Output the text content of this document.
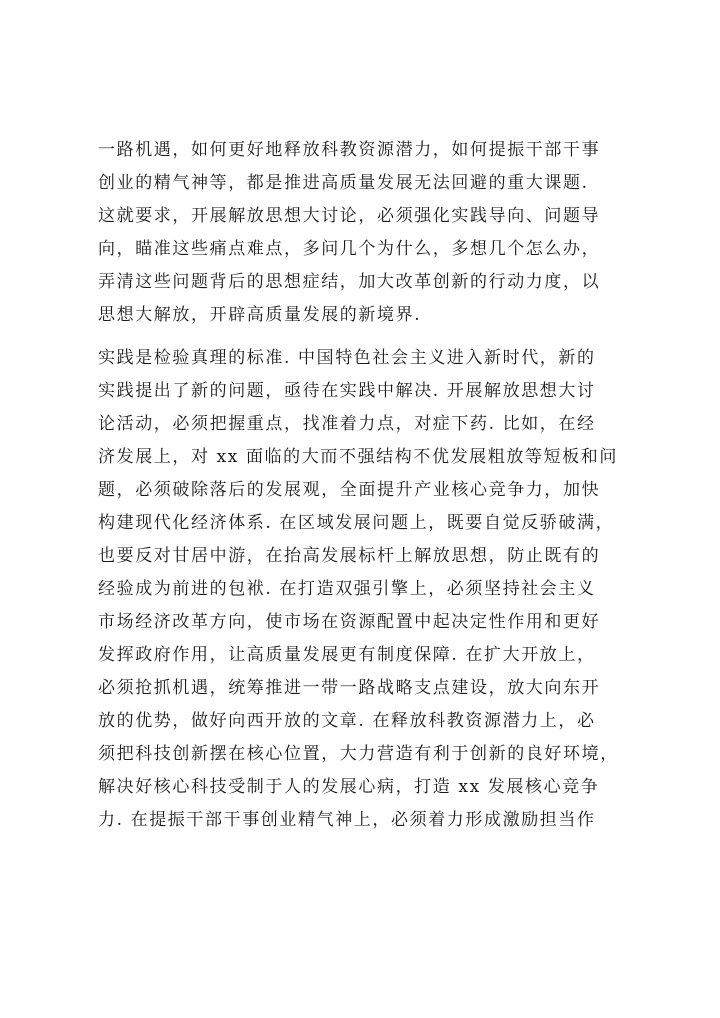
一路机遇，如何更好地释放科教资源潜力，如何提振干部干事
创业的精气神等，都是推进高质量发展无法回避的重大课题.
这就要求，开展解放思想大讨论，必须强化实践导向、问题导
向，瞄准这些痛点难点，多问几个为什么，多想几个怎么办，
弄清这些问题背后的思想症结，加大改革创新的行动力度，以
思想大解放，开辟高质量发展的新境界.
实践是检验真理的标准. 中国特色社会主义进入新时代，新的
实践提出了新的问题，亟待在实践中解决. 开展解放思想大讨
论活动，必须把握重点，找准着力点，对症下药. 比如，在经
济发展上，对 xx 面临的大而不强结构不优发展粗放等短板和问
题，必须破除落后的发展观，全面提升产业核心竞争力，加快
构建现代化经济体系. 在区域发展问题上，既要自觉反骄破满，
也要反对甘居中游，在抬高发展标杆上解放思想，防止既有的
经验成为前进的包袱. 在打造双强引擎上，必须坚持社会主义
市场经济改革方向，使市场在资源配置中起决定性作用和更好
发挥政府作用，让高质量发展更有制度保障. 在扩大开放上，
必须抢抓机遇，统筹推进一带一路战略支点建设，放大向东开
放的优势，做好向西开放的文章. 在释放科教资源潜力上，必
须把科技创新摆在核心位置，大力营造有利于创新的良好环境，
解决好核心科技受制于人的发展心病，打造 xx 发展核心竞争
力. 在提振干部干事创业精气神上，必须着力形成激励担当作
